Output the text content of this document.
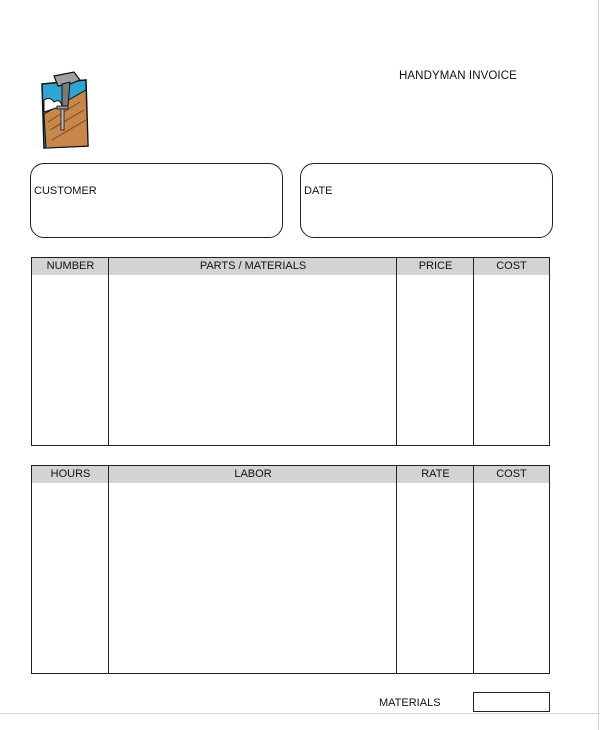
HANDYMAN INVOICE
CUSTOMER	DATE
NUMBER	PARTS / MATERIALS	PRICE	COST
HOURS	LABOR	RATE	COST
MATERIALS
